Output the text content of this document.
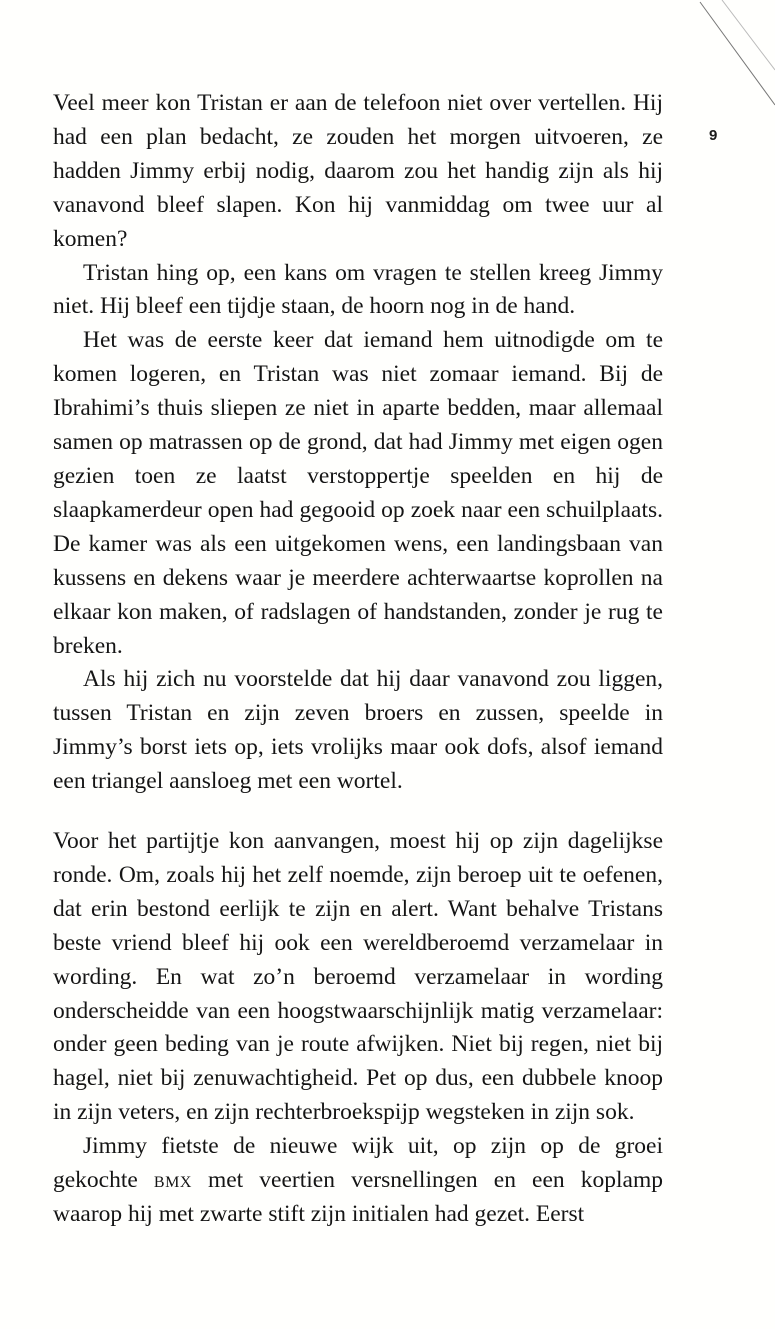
9

Veel meer kon Tristan er aan de telefoon niet over vertellen. Hij had een plan bedacht, ze zouden het morgen uitvoeren, ze hadden Jimmy erbij nodig, daarom zou het handig zijn als hij vanavond bleef slapen. Kon hij vanmiddag om twee uur al komen?

Tristan hing op, een kans om vragen te stellen kreeg Jimmy niet. Hij bleef een tijdje staan, de hoorn nog in de hand.

Het was de eerste keer dat iemand hem uitnodigde om te komen logeren, en Tristan was niet zomaar iemand. Bij de Ibrahimi’s thuis sliepen ze niet in aparte bedden, maar allemaal samen op matrassen op de grond, dat had Jimmy met eigen ogen gezien toen ze laatst verstoppertje speelden en hij de slaapkamerdeur open had gegooid op zoek naar een schuilplaats. De kamer was als een uitgekomen wens, een landingsbaan van kussens en dekens waar je meerdere achterwaartse koprollen na elkaar kon maken, of radslagen of handstanden, zonder je rug te breken.

Als hij zich nu voorstelde dat hij daar vanavond zou liggen, tussen Tristan en zijn zeven broers en zussen, speelde in Jimmy’s borst iets op, iets vrolijks maar ook dofs, alsof iemand een triangel aansloeg met een wortel.

Voor het partijtje kon aanvangen, moest hij op zijn dagelijkse ronde. Om, zoals hij het zelf noemde, zijn beroep uit te oefenen, dat erin bestond eerlijk te zijn en alert. Want behalve Tristans beste vriend bleef hij ook een wereldberoemd verzamelaar in wording. En wat zo’n beroemd verzamelaar in wording onderscheidde van een hoogstwaarschijnlijk matig verzamelaar: onder geen beding van je route afwijken. Niet bij regen, niet bij hagel, niet bij zenuwachtigheid. Pet op dus, een dubbele knoop in zijn veters, en zijn rechterbroekspijp wegsteken in zijn sok.

Jimmy fietste de nieuwe wijk uit, op zijn op de groei gekochte bmx met veertien versnellingen en een koplamp waarop hij met zwarte stift zijn initialen had gezet. Eerst
